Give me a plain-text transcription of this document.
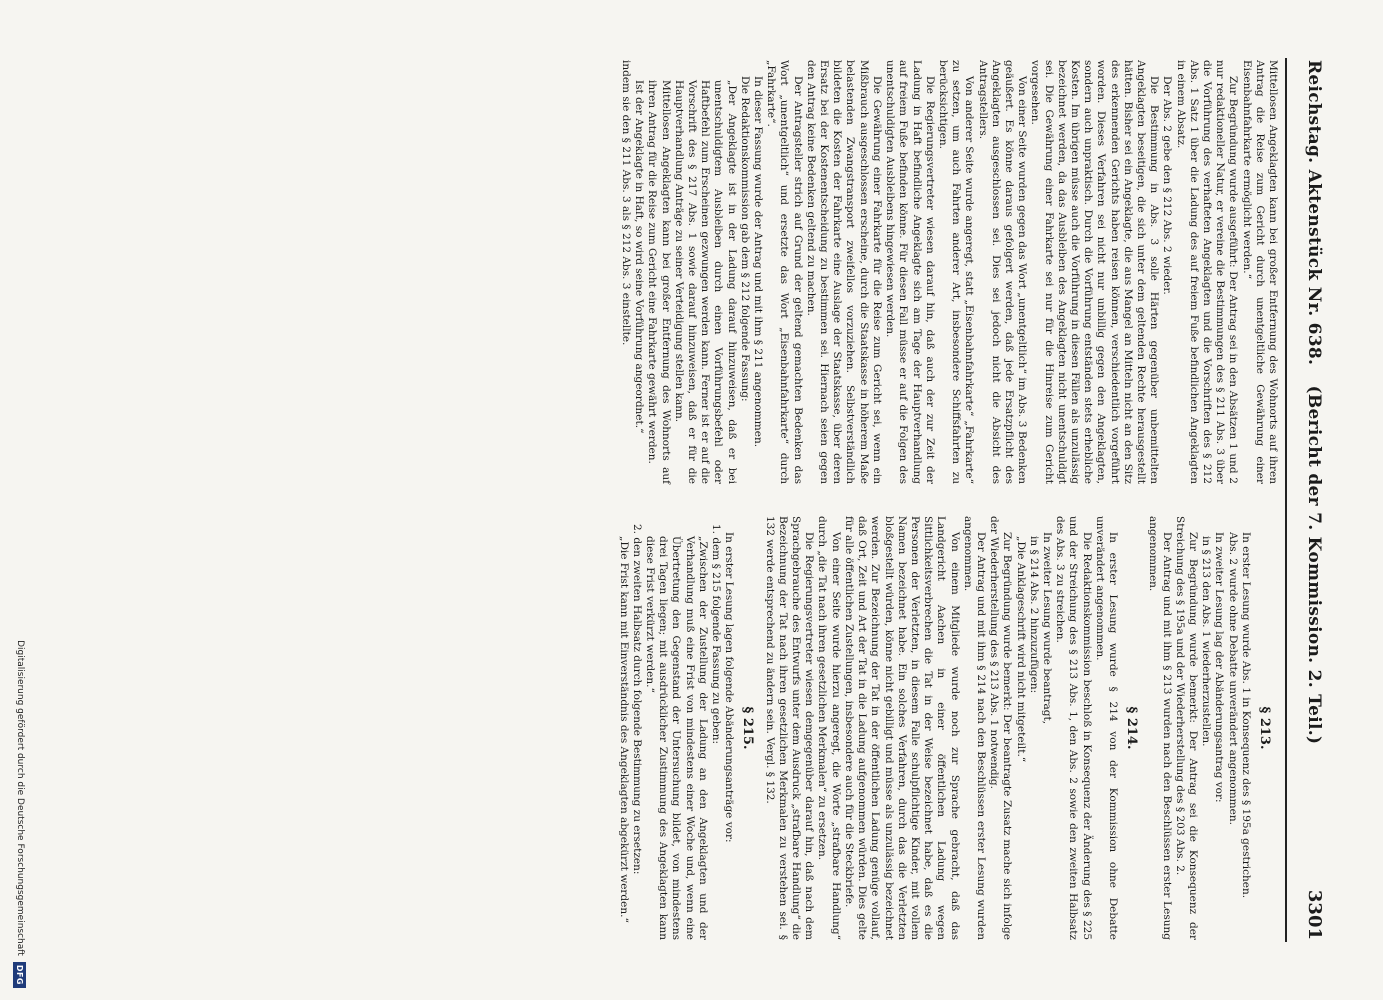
Reichstag. Aktenstück Nr. 638. (Bericht der 7. Kommission. 2. Teil.)
3301

Mittellosen Angeklagten kann bei großer Entfernung des Wohnorts auf ihren Antrag die Reise zum Gericht durch unentgeltliche Gewährung einer Eisenbahnfahrkarte ermöglicht werden.“

Zur Begründung wurde ausgeführt: Der Antrag sei in den Absätzen 1 und 2 nur redaktioneller Natur, er vereine die Bestimmungen des § 211 Abs. 3 über die Vorführung des verhafteten Angeklagten und die Vorschriften des § 212 Abs. 1 Satz 1 über die Ladung des auf freiem Fuße befindlichen Angeklagten in einem Absatz.

Der Abs. 2 gebe den § 212 Abs. 2 wieder.

Die Bestimmung in Abs. 3 solle Härten gegenüber unbemittelten Angeklagten beseitigen, die sich unter dem geltenden Rechte herausgestellt hätten. Bisher sei ein Angeklagte, die aus Mangel an Mitteln nicht an den Sitz des erkennenden Gerichts haben reisen können, verschiedentlich vorgeführt worden. Dieses Verfahren sei nicht nur unbillig gegen den Angeklagten, sondern auch unpraktisch. Durch die Vorführung entständen stets erhebliche Kosten. Im übrigen müsse auch die Vorführung in diesen Fällen als unzulässig bezeichnet werden, da das Ausbleiben des Angeklagten nicht unentschuldigt sei. Die Gewährung einer Fahrkarte sei nur für die Hinreise zum Gericht vorgesehen.

Von einer Seite wurden gegen das Wort „unentgeltlich“ im Abs. 3 Bedenken geäußert. Es könne daraus gefolgert werden, daß jede Ersatzpflicht des Angeklagten ausgeschlossen sei. Dies sei jedoch nicht die Absicht des Antragstellers.

Von anderer Seite wurde angeregt, statt „Eisenbahnfahrkarte“ „Fahrkarte“ zu setzen, um auch Fahrten anderer Art, insbesondere Schiffsfahrten zu berücksichtigen.

Die Regierungsvertreter wiesen darauf hin, daß auch der zur Zeit der Ladung in Haft befindliche Angeklagte sich am Tage der Hauptverhandlung auf freiem Fuße befinden könne. Für diesen Fall müsse er auf die Folgen des unentschuldigten Ausbleibens hingewiesen werden.

Die Gewährung einer Fahrkarte für die Reise zum Gericht sei, wenn ein Mißbrauch ausgeschlossen erscheine, durch die Staatskasse in höherem Maße belastenden Zwangstransport zweifellos vorzuziehen. Selbstverständlich bildeten die Kosten der Fahrkarte eine Auslage der Staatskasse, über deren Ersatz bei der Kostenentscheidung zu bestimmen sei. Hiernach seien gegen den Antrag keine Bedenken geltend zu machen.

Der Antragsteller strich auf Grund der geltend gemachten Bedenken das Wort „unentgeltlich“ und ersetzte das Wort „Eisenbahnfahrkarte“ durch „Fahrkarte“.

In dieser Fassung wurde der Antrag und mit ihm § 211 angenommen.

Die Redaktionskommission gab dem § 212 folgende Fassung:

„Der Angeklagte ist in der Ladung darauf hinzuweisen, daß er bei unentschuldigtem Ausbleiben durch einen Vorführungsbefehl oder Haftbefehl zum Erscheinen gezwungen werden kann. Ferner ist er auf die Vorschrift des § 217 Abs. 1 sowie darauf hinzuweisen, daß er für die Hauptverhandlung Anträge zu seiner Verteidigung stellen kann.

Mittellosen Angeklagten kann bei großer Entfernung des Wohnorts auf ihren Antrag für die Reise zum Gericht eine Fahrkarte gewährt werden.

Ist der Angeklagte in Haft, so wird seine Vorführung angeordnet.“

indem sie den § 211 Abs. 3 als § 212 Abs. 3 einstellte.

§ 213.

In erster Lesung wurde Abs. 1 in Konsequenz des § 195a gestrichen.

Abs. 2 wurde ohne Debatte unverändert angenommen.

In zweiter Lesung lag der Abänderungsantrag vor:

in § 213 den Abs. 1 wiederherzustellen.

Zur Begründung wurde bemerkt: Der Antrag sei die Konsequenz der Streichung des § 195a und der Wiederherstellung des § 203 Abs. 2.

Der Antrag und mit ihm § 213 wurden nach den Beschlüssen erster Lesung angenommen.

§ 214.

In erster Lesung wurde § 214 von der Kommission ohne Debatte unverändert angenommen.

Die Redaktionskommission beschloß in Konsequenz der Änderung des § 225 und der Streichung des § 213 Abs. 1, den Abs. 2 sowie den zweiten Halbsatz des Abs. 3 zu streichen.

In zweiter Lesung wurde beantragt,

in § 214 Abs. 2 hinzuzufügen:

„Die Anklageschrift wird nicht mitgeteilt.“

Zur Begründung wurde bemerkt: Der beantragte Zusatz mache sich infolge der Wiederherstellung des § 213 Abs. 1 notwendig.

Der Antrag und mit ihm § 214 nach den Beschlüssen erster Lesung wurden angenommen.

Von einem Mitgliede wurde noch zur Sprache gebracht, daß das Landgericht Aachen in einer öffentlichen Ladung wegen Sittlichkeitsverbrechen die Tat in der Weise bezeichnet habe, daß es die Personen der Verletzten, in diesem Falle schulpflichtige Kinder, mit vollem Namen bezeichnet habe. Ein solches Verfahren, durch das die Verletzten bloßgestellt würden, könne nicht gebilligt und müsse als unzulässig bezeichnet werden. Zur Bezeichnung der Tat in der öffentlichen Ladung genüge vollauf, daß Ort, Zeit und Art der Tat in die Ladung aufgenommen würden. Dies gelte für alle öffentlichen Zustellungen, insbesondere auch für die Steckbriefe.

Von einer Seite wurde hierzu angeregt, die Worte „strafbare Handlung“ durch „die Tat nach ihren gesetzlichen Merkmalen“ zu ersetzen.

Die Regierungsvertreter wiesen demgegenüber darauf hin, daß nach dem Sprachgebrauche des Entwurfs unter dem Ausdruck „strafbare Handlung“ die Bezeichnung der Tat nach ihren gesetzlichen Merkmalen zu verstehen sei. § 132 werde entsprechend zu ändern sein. Vergl. § 132.

§ 215.

In erster Lesung lagen folgende Abänderungsanträge vor:

1. dem § 215 folgende Fassung zu geben:

„Zwischen der Zustellung der Ladung an den Angeklagten und der Verhandlung muß eine Frist von mindestens einer Woche und, wenn eine Übertretung den Gegenstand der Untersuchung bildet, von mindestens drei Tagen liegen; mit ausdrücklicher Zustimmung des Angeklagten kann diese Frist verkürzt werden.“

2. den zweiten Halbsatz durch folgende Bestimmung zu ersetzen:

„Die Frist kann mit Einverständnis des Angeklagten abgekürzt werden.“

Digitalisierung gefördert durch die Deutsche Forschungsgemeinschaft
DFG
